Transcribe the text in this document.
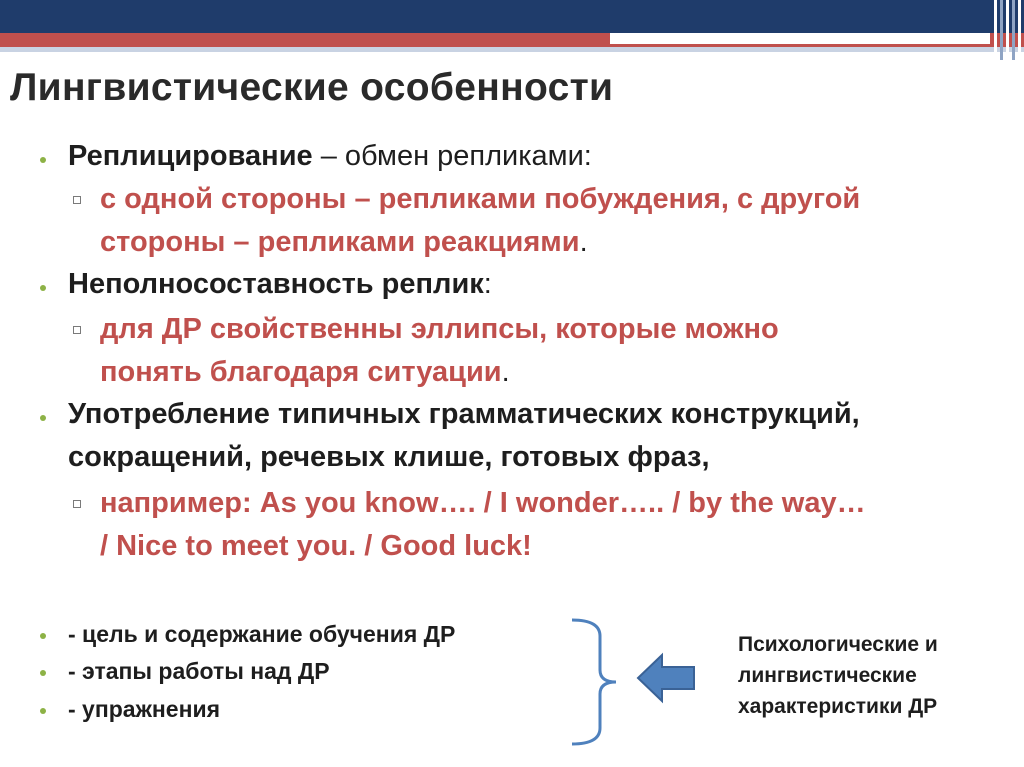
Лингвистические особенности
Реплицирование – обмен репликами:
с одной стороны – репликами побуждения, с другой
стороны – репликами реакциями.
Неполносоставность реплик:
для ДР свойственны эллипсы, которые можно
понять благодаря ситуации.
Употребление типичных грамматических конструкций,
сокращений, речевых клише, готовых фраз,
например: As you know…. / I wonder….. / by the way…
/ Nice to meet you. / Good luck!
- цель и содержание обучения ДР
- этапы работы над ДР
- упражнения
Психологические и лингвистические характеристики ДР
